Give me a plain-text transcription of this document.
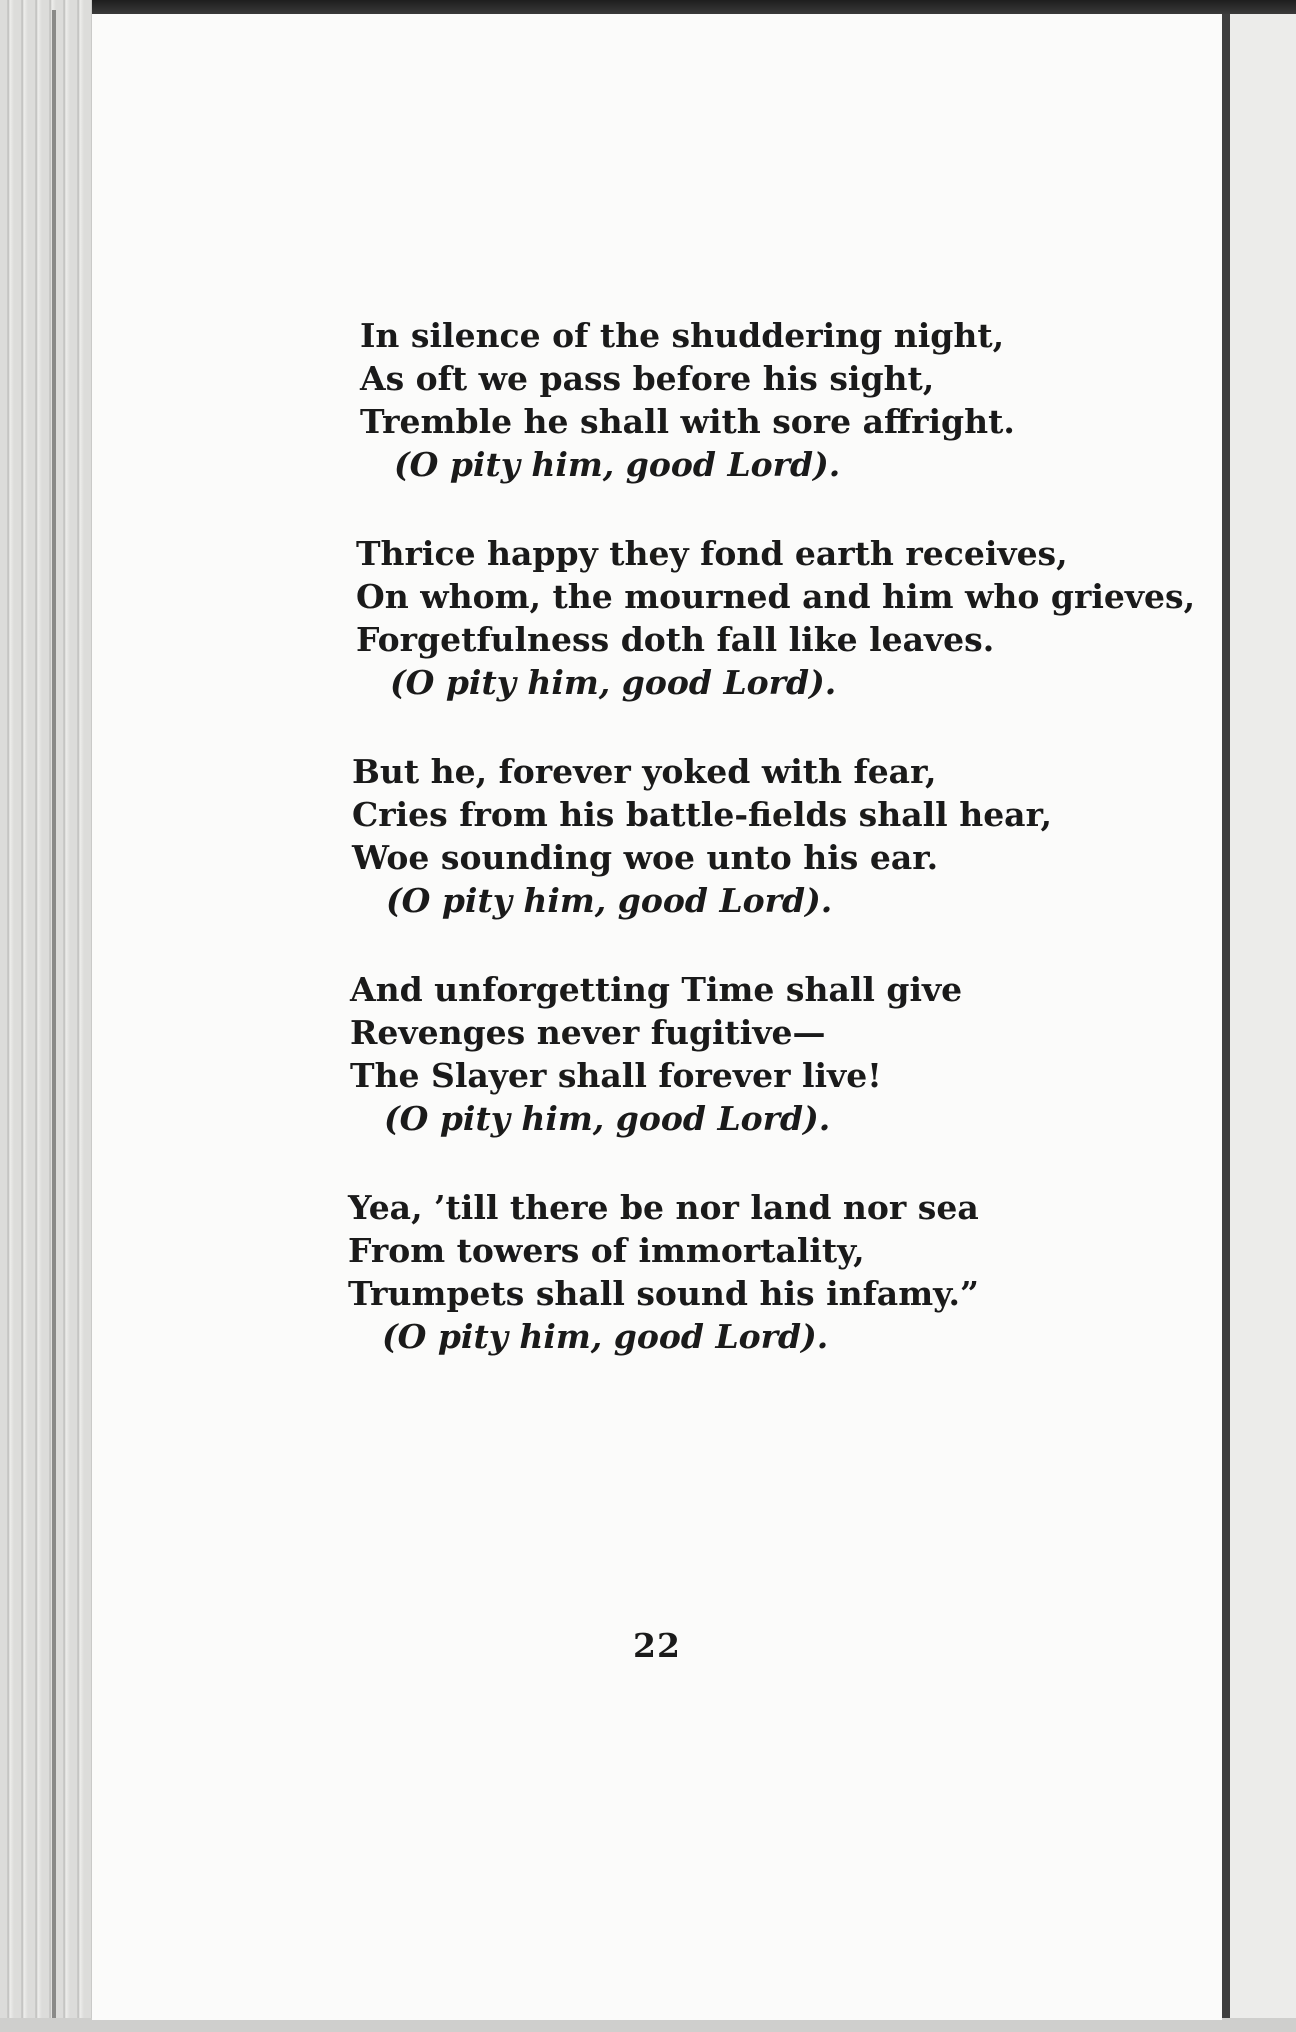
In silence of the shuddering night,
As oft we pass before his sight,
Tremble he shall with sore affright.
(O pity him, good Lord).
Thrice happy they fond earth receives,
On whom, the mourned and him who grieves,
Forgetfulness doth fall like leaves.
(O pity him, good Lord).
But he, forever yoked with fear,
Cries from his battle-fields shall hear,
Woe sounding woe unto his ear.
(O pity him, good Lord).
And unforgetting Time shall give
Revenges never fugitive—
The Slayer shall forever live!
(O pity him, good Lord).
Yea, ’till there be nor land nor sea
From towers of immortality,
Trumpets shall sound his infamy.”
(O pity him, good Lord).
22
